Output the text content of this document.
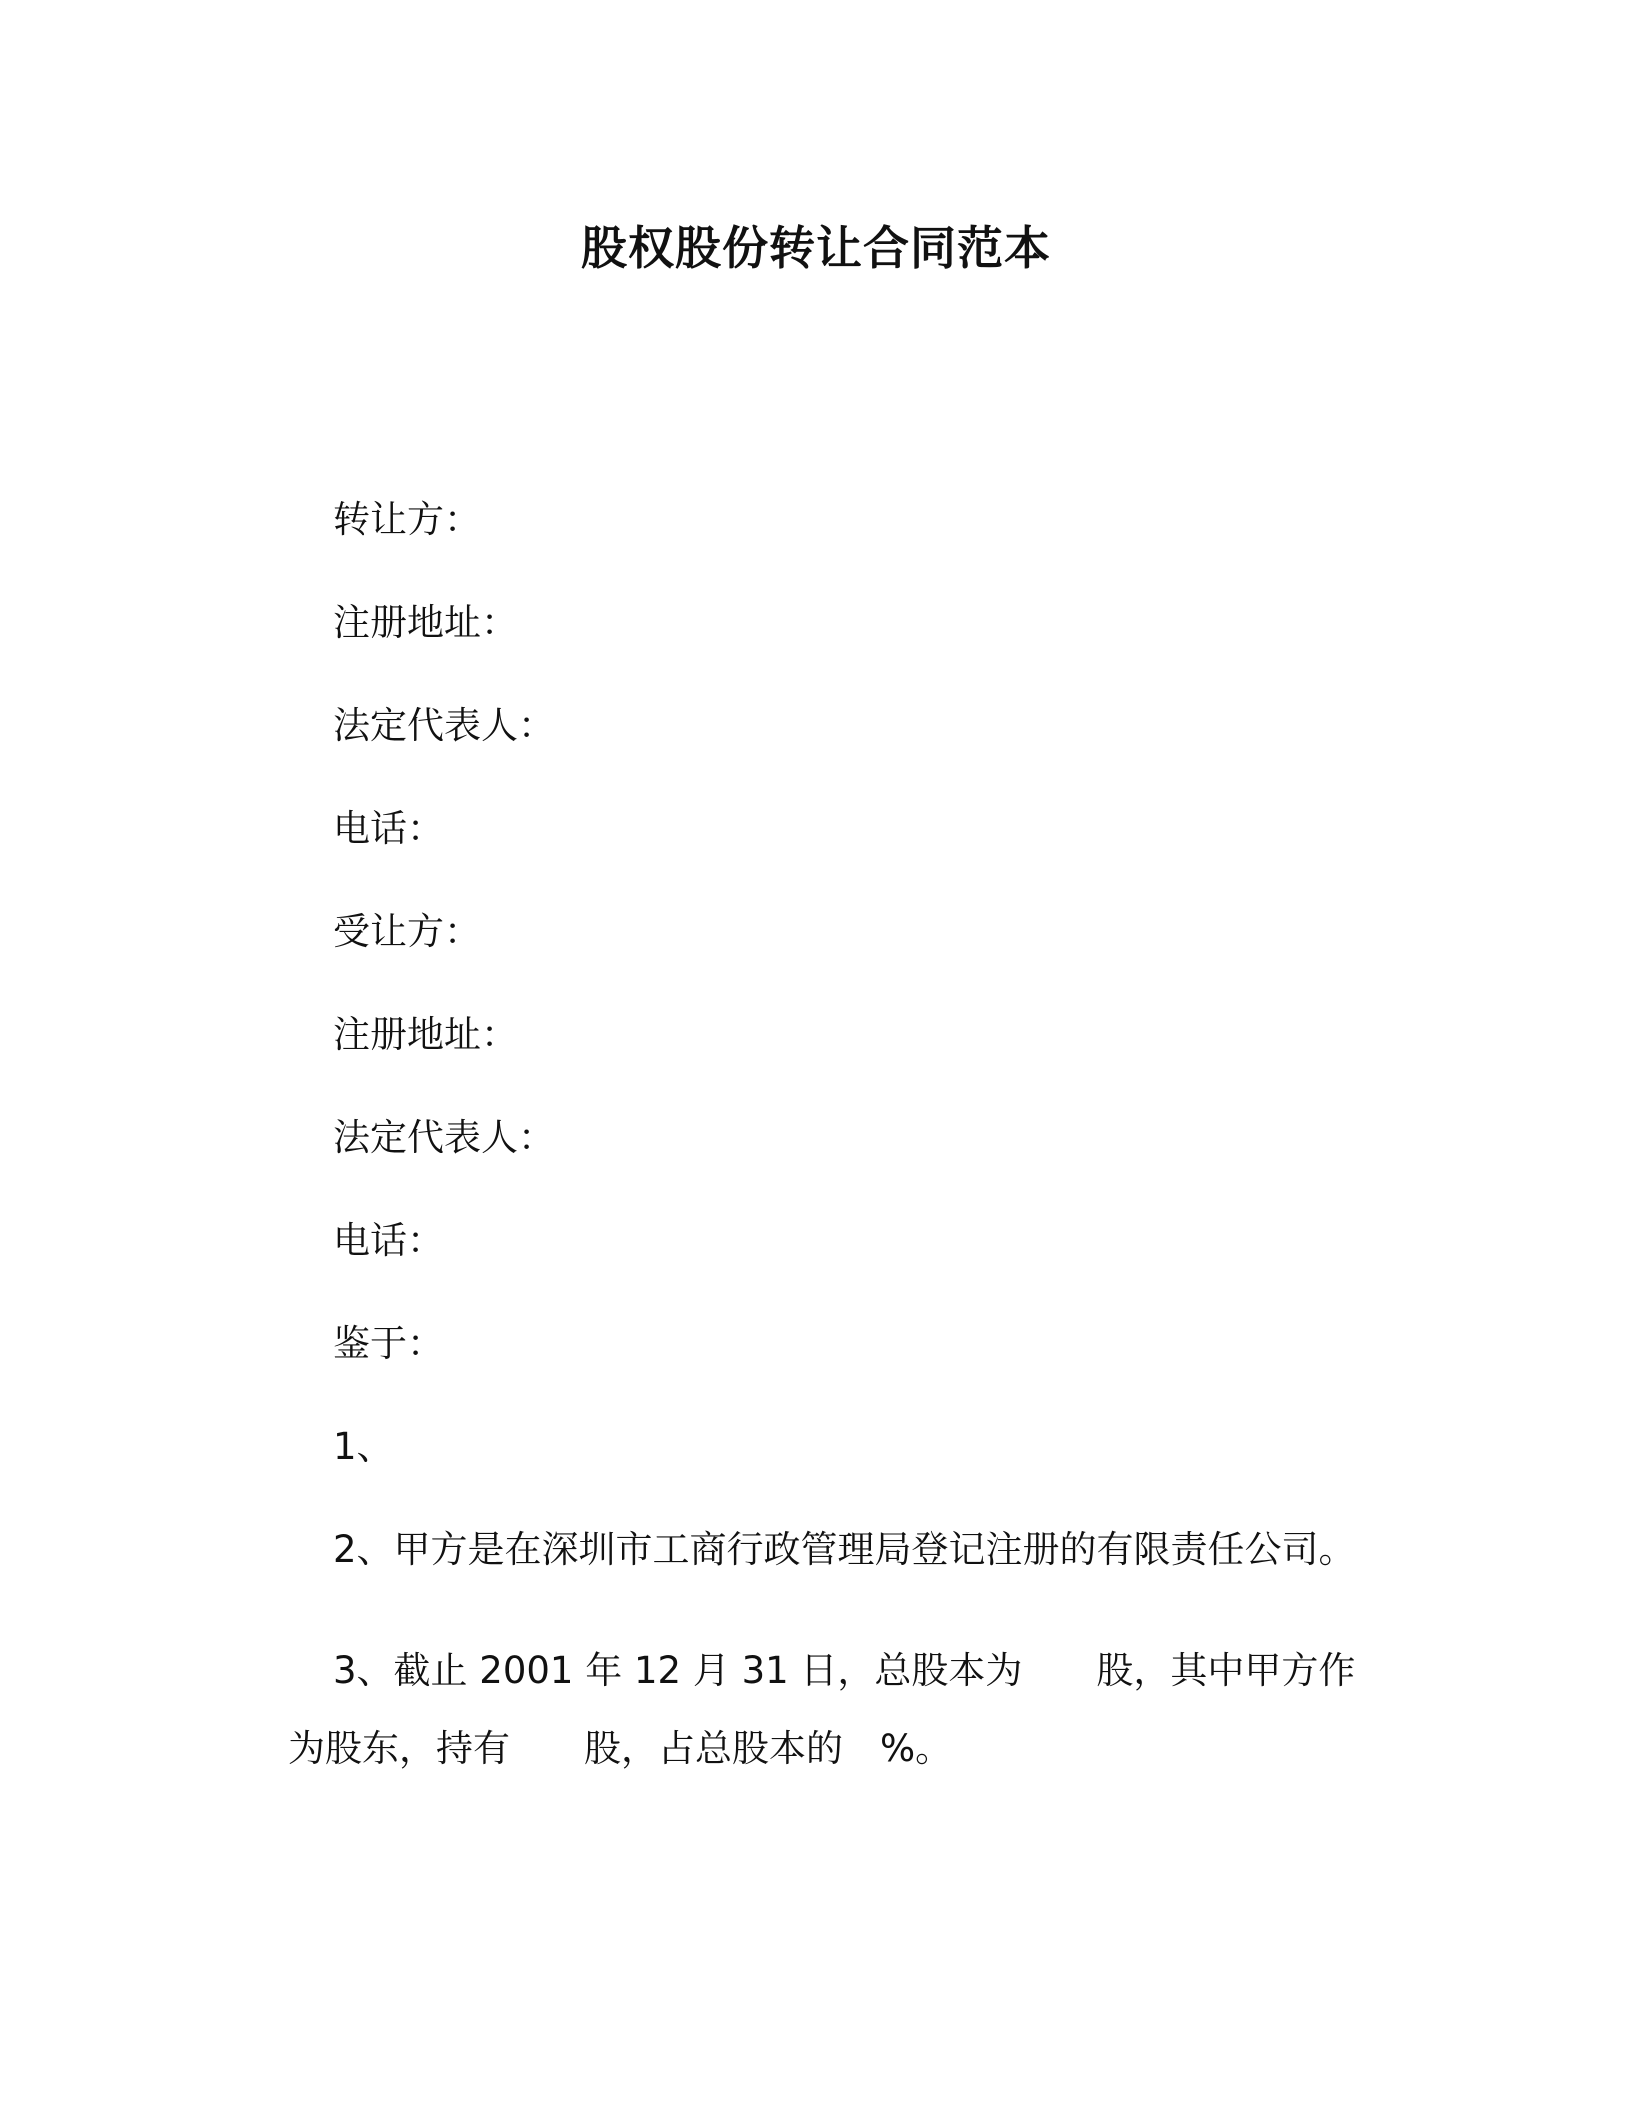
股权股份转让合同范本
转让方：
注册地址：
法定代表人：
电话：
受让方：
注册地址：
法定代表人：
电话：
鉴于：
1、
2、甲方是在深圳市工商行政管理局登记注册的有限责任公司。
3、截止 2001 年 12 月 31 日，总股本为　　股，其中甲方作为股东，持有　　股，占总股本的　%。
